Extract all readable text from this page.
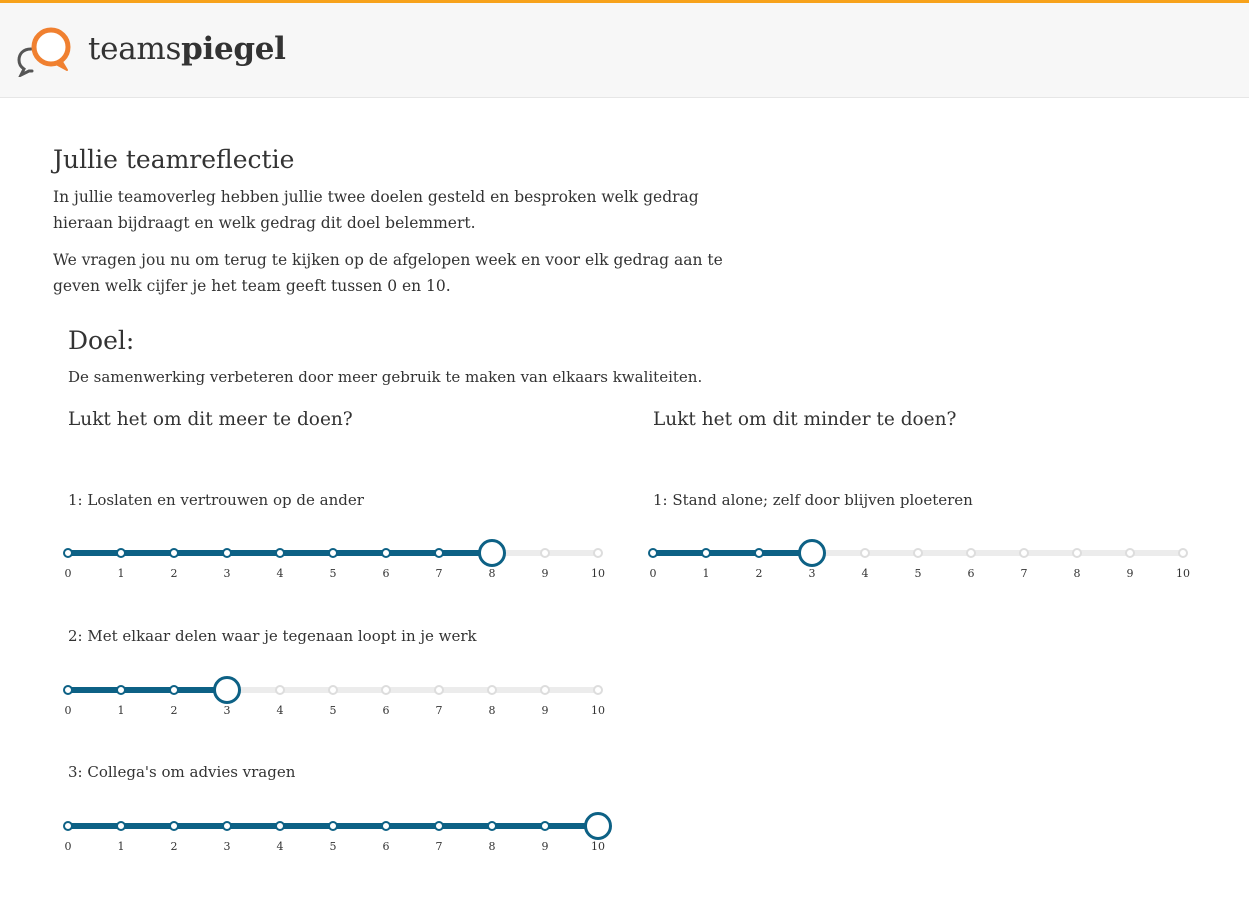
teamspiegel
Jullie teamreflectie

In jullie teamoverleg hebben jullie twee doelen gesteld en besproken welk gedrag hieraan bijdraagt en welk gedrag dit doel belemmert.

We vragen jou nu om terug te kijken op de afgelopen week en voor elk gedrag aan te geven welk cijfer je het team geeft tussen 0 en 10.

Doel:

De samenwerking verbeteren door meer gebruik te maken van elkaars kwaliteiten.

Lukt het om dit meer te doen?	Lukt het om dit minder te doen?
1: Loslaten en vertrouwen op de ander
0	1	2	3	4	5	6	7	8	9	10
2: Met elkaar delen waar je tegenaan loopt in je werk
0	1	2	3	4	5	6	7	8	9	10
3: Collega's om advies vragen
0	1	2	3	4	5	6	7	8	9	10
1: Stand alone; zelf door blijven ploeteren
0	1	2	3	4	5	6	7	8	9	10
